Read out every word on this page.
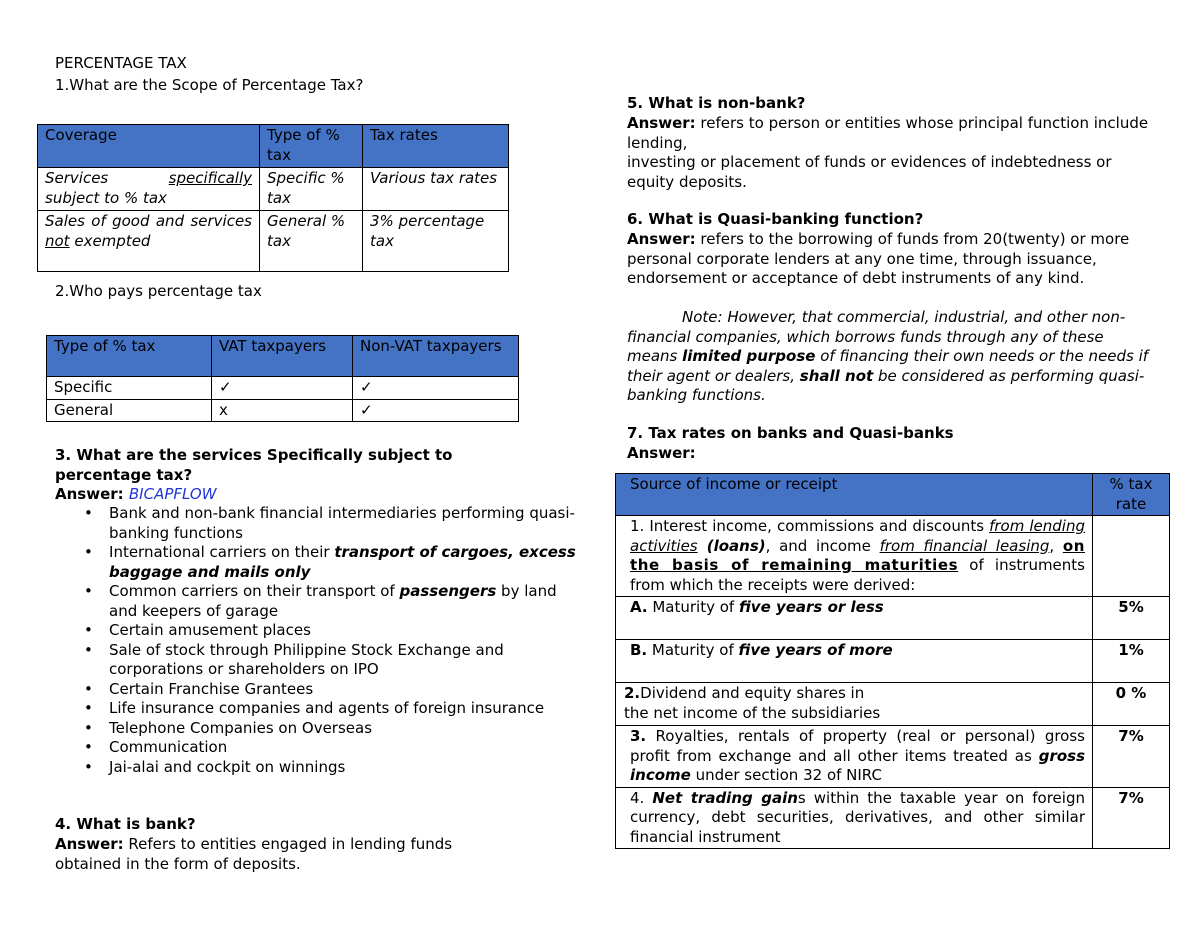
PERCENTAGE TAX
1.What are the Scope of Percentage Tax?
Coverage	Type of % tax	Tax rates
Services specifically subject to % tax	Specific % tax	Various tax rates
Sales of good and services not exempted	General % tax	3% percentage tax
2.Who pays percentage tax
Type of % tax	VAT taxpayers	Non-VAT taxpayers
Specific	✓	✓
General	x	✓
3. What are the services Specifically subject to percentage tax?
Answer: BICAPFLOW
• Bank and non-bank financial intermediaries performing quasi-banking functions
• International carriers on their transport of cargoes, excess baggage and mails only
• Common carriers on their transport of passengers by land and keepers of garage
• Certain amusement places
• Sale of stock through Philippine Stock Exchange and corporations or shareholders on IPO
• Certain Franchise Grantees
• Life insurance companies and agents of foreign insurance
• Telephone Companies on Overseas
• Communication
• Jai-alai and cockpit on winnings
4. What is bank?
Answer: Refers to entities engaged in lending funds obtained in the form of deposits.
5. What is non-bank?
Answer: refers to person or entities whose principal function include lending,
investing or placement of funds or evidences of indebtedness or equity deposits.
6. What is Quasi-banking function?
Answer: refers to the borrowing of funds from 20(twenty) or more personal corporate lenders at any one time, through issuance, endorsement or acceptance of debt instruments of any kind.
Note: However, that commercial, industrial, and other non-financial companies, which borrows funds through any of these means limited purpose of financing their own needs or the needs if their agent or dealers, shall not be considered as performing quasi-banking functions.
7. Tax rates on banks and Quasi-banks
Answer:
Source of income or receipt	% tax rate
1. Interest income, commissions and discounts from lending activities (loans), and income from financial leasing, on the basis of remaining maturities of instruments from which the receipts were derived:	
A. Maturity of five years or less	5%
B. Maturity of five years of more	1%
2.Dividend and equity shares in
the net income of the subsidiaries	0 %
3. Royalties, rentals of property (real or personal) gross profit from exchange and all other items treated as gross income under section 32 of NIRC	7%
4. Net trading gains within the taxable year on foreign currency, debt securities, derivatives, and other similar financial instrument	7%
